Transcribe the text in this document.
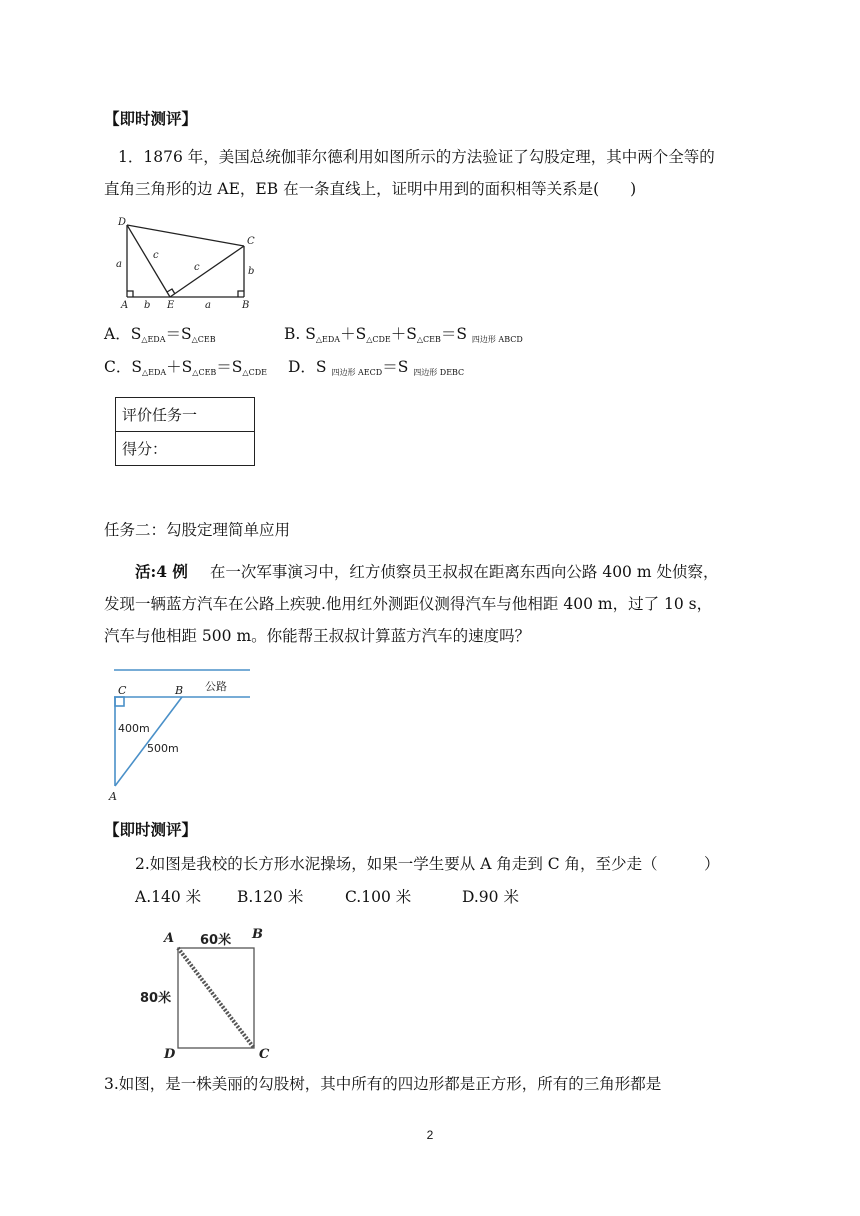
【即时测评】
1．1876 年，美国总统伽菲尔德利用如图所示的方法验证了勾股定理，其中两个全等的
直角三角形的边 AE，EB 在一条直线上，证明中用到的面积相等关系是(　　)
D
C
a
c
c	b
A b E	a	B
A．$S_{\triangle EDA}=S_{\triangle CEB}$	B. $S_{\triangle EDA}+S_{\triangle CDE}+S_{\triangle CEB}=S$ $_{四边形 ABCD}$
C．$S_{\triangle EDA}+S_{\triangle CEB}=S_{\triangle CDE}$ D．S $_{四边形 AECD}$＝S $_{四边形 DEBC}$
评价任务一
得分：
任务二：勾股定理简单应用
活:4 例 在一次军事演习中，红方侦察员王叔叔在距离东西向公路 400 m 处侦察，
发现一辆蓝方汽车在公路上疾驶.他用红外测距仪测得汽车与他相距 400 m，过了 10 s，
汽车与他相距 500 m。你能帮王叔叔计算蓝方汽车的速度吗？
公路
C	B
400m
500m
A
【即时测评】
2.如图是我校的长方形水泥操场，如果一学生要从 A 角走到 C 角，至少走（　　　）
A.140 米 B.120 米	C.100 米	D.90 米
A 60米 B
80米
D	C
3.如图，是一株美丽的勾股树，其中所有的四边形都是正方形，所有的三角形都是
2
